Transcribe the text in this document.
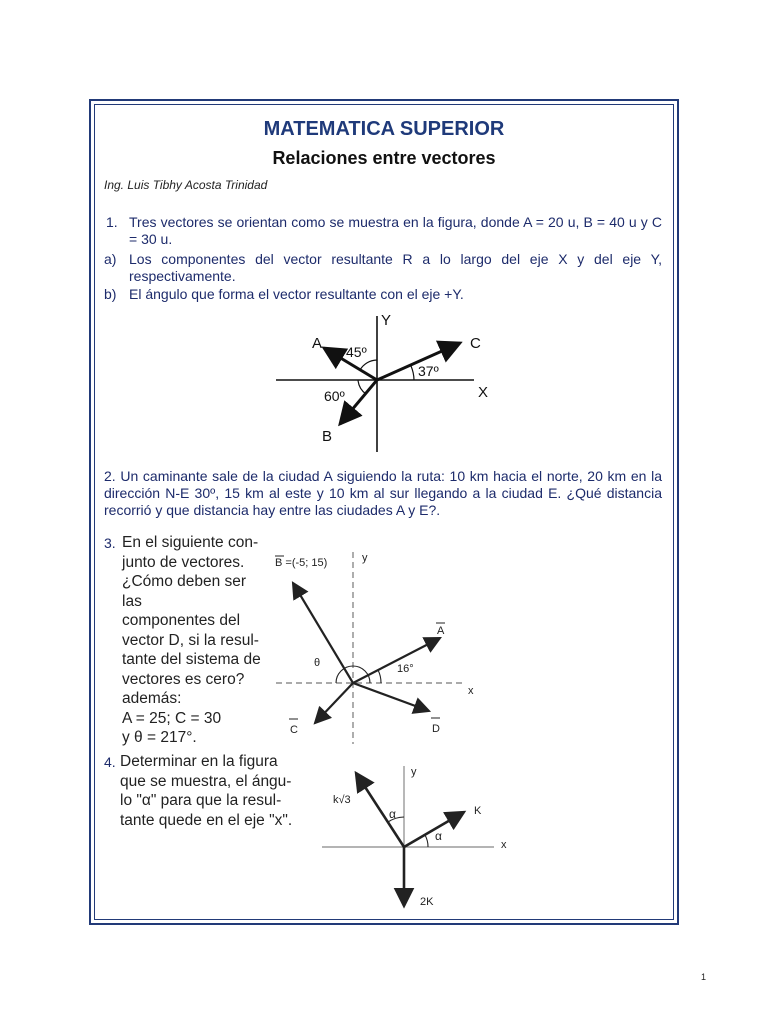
MATEMATICA SUPERIOR
Relaciones entre vectores
Ing. Luis Tibhy Acosta Trinidad
1. Tres vectores se orientan como se muestra en la figura, donde A = 20 u, B = 40 u y C = 30 u.
a) Los componentes del vector resultante R a lo largo del eje X y del eje Y, respectivamente.
b) El ángulo que forma el vector resultante con el eje +Y.
A 45º	C
37º
X
Y
60º
B
2. Un caminante sale de la ciudad A siguiendo la ruta: 10 km hacia el norte, 20 km en la dirección N-E 30º, 15 km al este y 10 km al sur llegando a la ciudad E. ¿Qué distancia recorrió y que distancia hay entre las ciudades A y E?.
3. En el siguiente con-
junto de vectores.
¿Cómo deben ser las
componentes del
vector D, si la resul-
tante del sistema de
vectores es cero?
además:
A = 25; C = 30
y θ = 217°.
B =(-5; 15)	y
A
16°
θ
x
C	D
4. Determinar en la figura
que se muestra, el ángu-
lo "α" para que la resul-
tante quede en el eje "x".
y
k√3
α
α
K
x
2K
1
